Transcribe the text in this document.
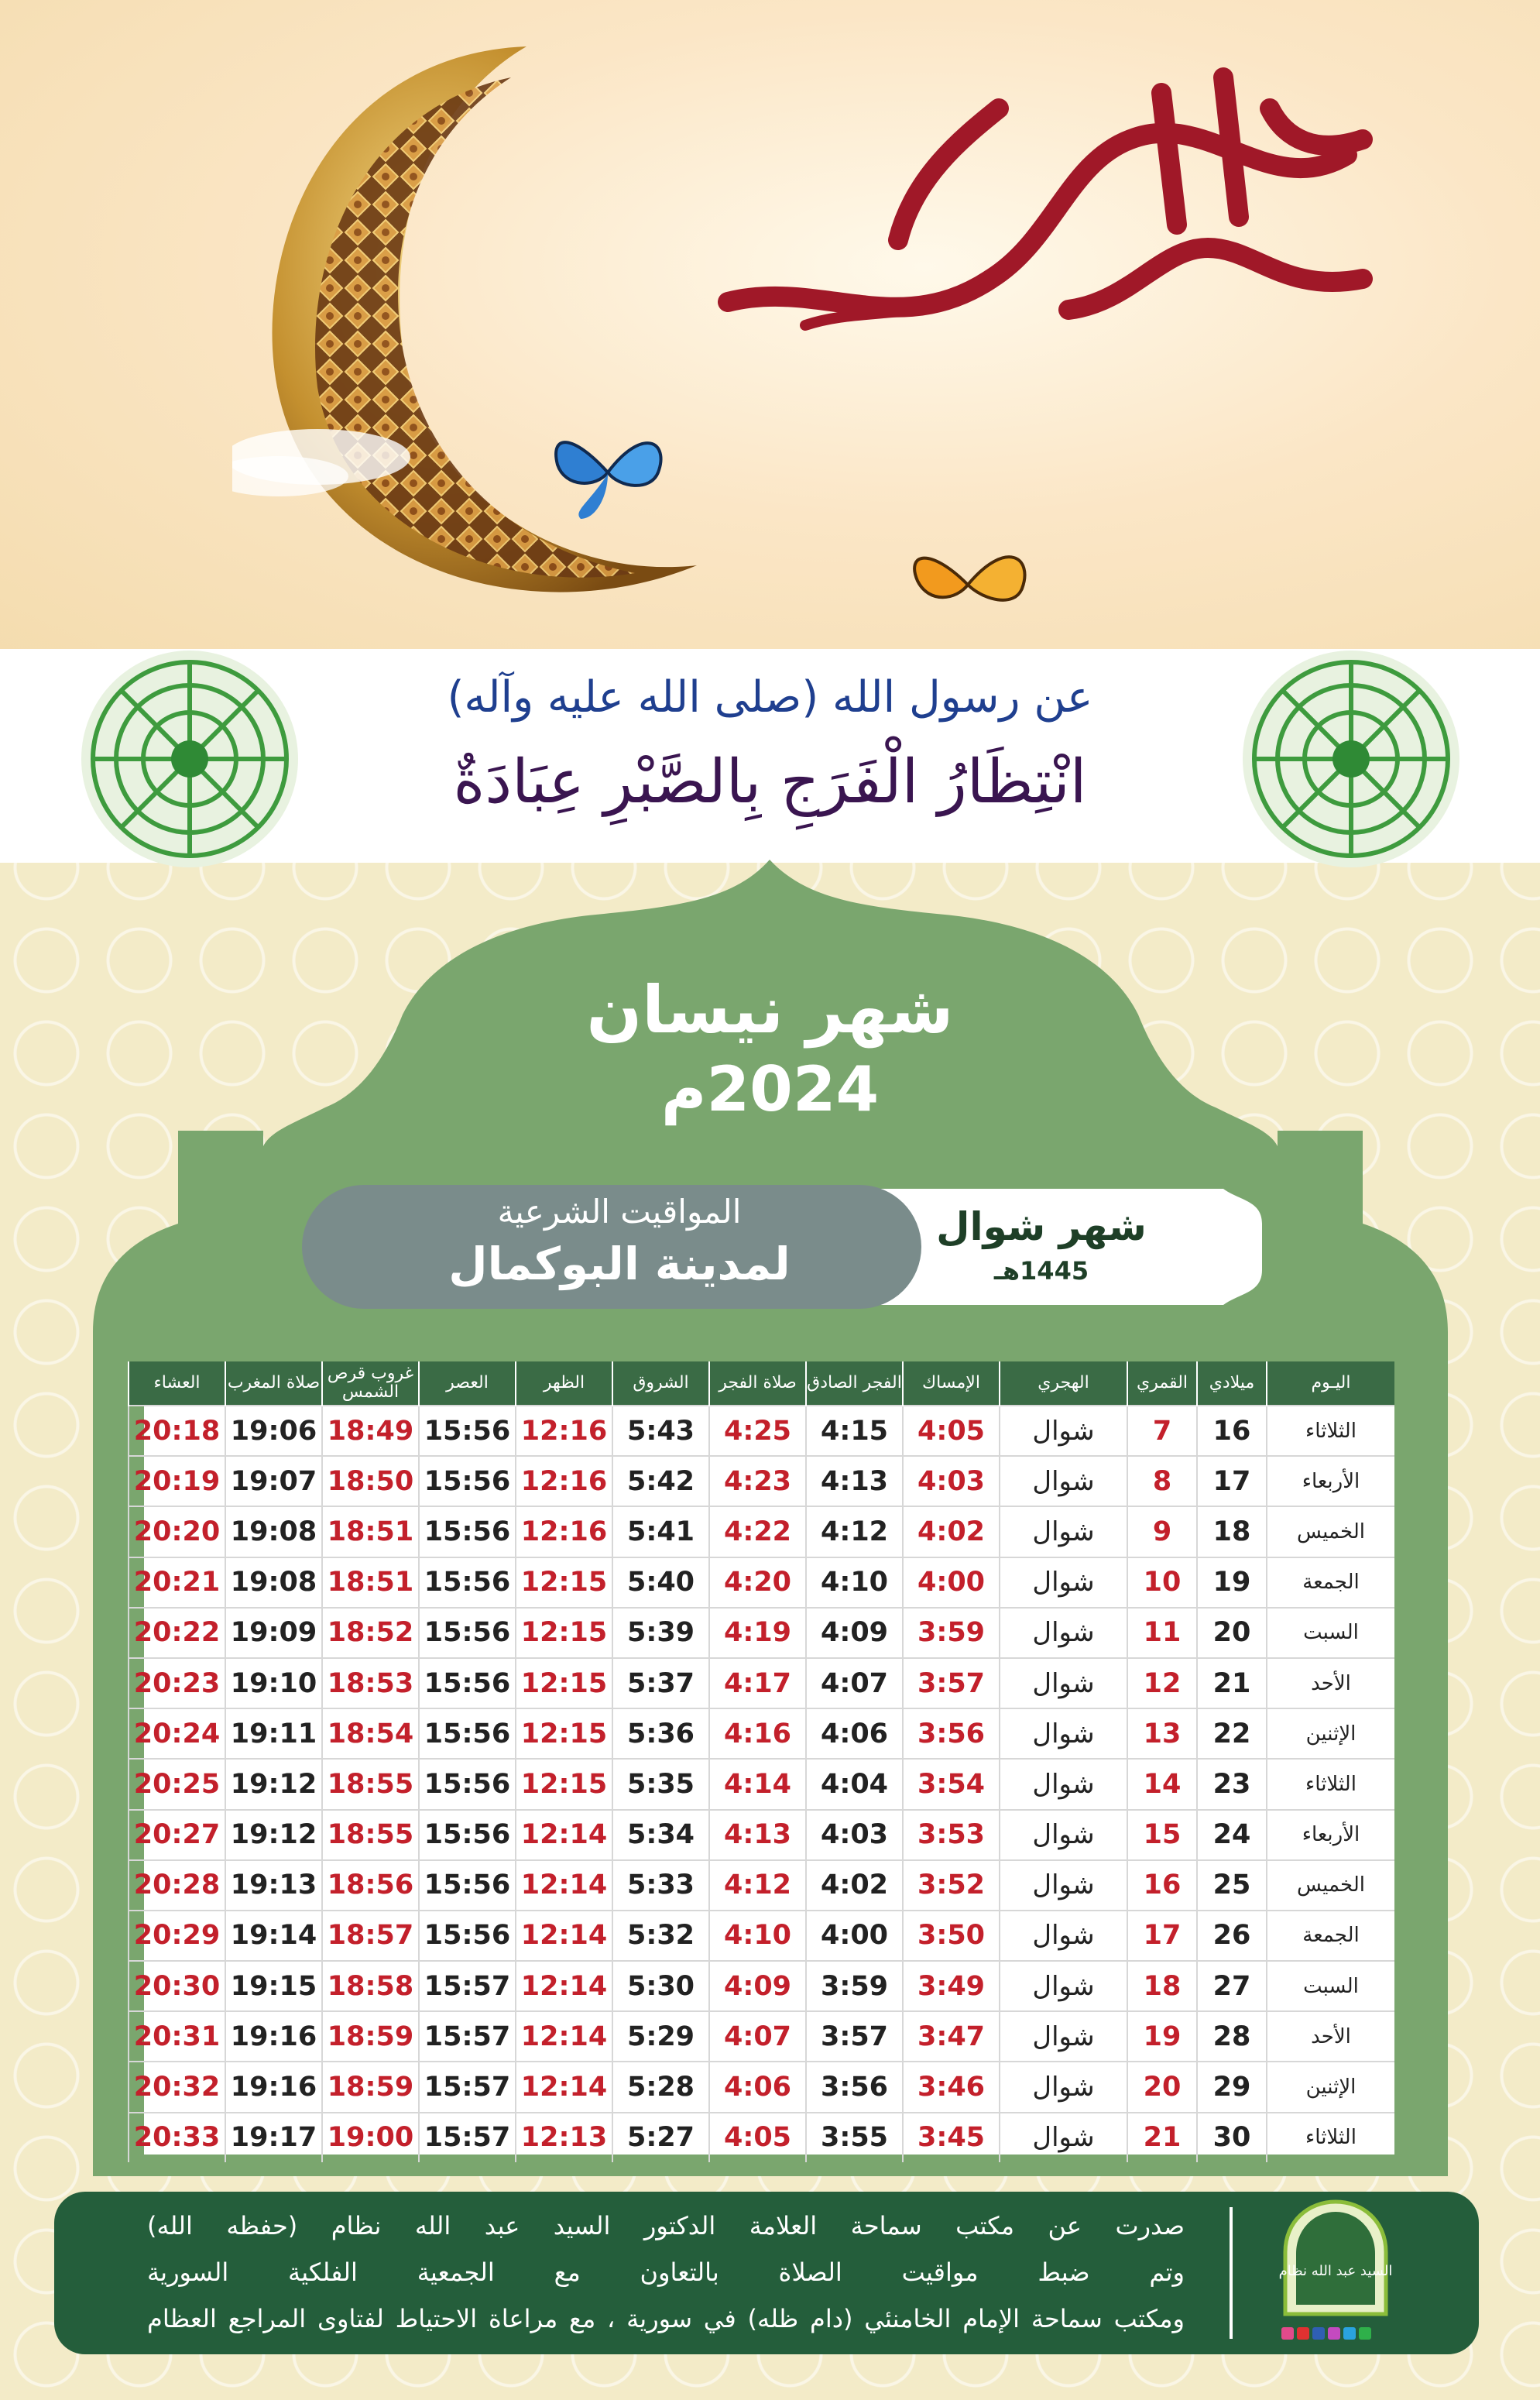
عن رسول الله (صلى الله عليه وآله)
انْتِظَارُ الْفَرَجِ بِالصَّبْرِ عِبَادَةٌ
شهر نيسان
2024م
المواقيت الشرعية
لمدينة البوكمال
شهر شوال
1445هـ
اليـوم	ميلادي	القمري	الهجري	الإمساك	الفجر الصادق	صلاة الفجر	الشروق	الظهر	العصر	غروب قرص الشمس	صلاة المغرب	العشاء
الثلاثاء	16	7	شوال	4:05	4:15	4:25	5:43	12:16	15:56	18:49	19:06	20:18
الأربعاء	17	8	شوال	4:03	4:13	4:23	5:42	12:16	15:56	18:50	19:07	20:19
الخميس	18	9	شوال	4:02	4:12	4:22	5:41	12:16	15:56	18:51	19:08	20:20
الجمعة	19	10	شوال	4:00	4:10	4:20	5:40	12:15	15:56	18:51	19:08	20:21
السبت	20	11	شوال	3:59	4:09	4:19	5:39	12:15	15:56	18:52	19:09	20:22
الأحد	21	12	شوال	3:57	4:07	4:17	5:37	12:15	15:56	18:53	19:10	20:23
الإثنين	22	13	شوال	3:56	4:06	4:16	5:36	12:15	15:56	18:54	19:11	20:24
الثلاثاء	23	14	شوال	3:54	4:04	4:14	5:35	12:15	15:56	18:55	19:12	20:25
الأربعاء	24	15	شوال	3:53	4:03	4:13	5:34	12:14	15:56	18:55	19:12	20:27
الخميس	25	16	شوال	3:52	4:02	4:12	5:33	12:14	15:56	18:56	19:13	20:28
الجمعة	26	17	شوال	3:50	4:00	4:10	5:32	12:14	15:56	18:57	19:14	20:29
السبت	27	18	شوال	3:49	3:59	4:09	5:30	12:14	15:57	18:58	19:15	20:30
الأحد	28	19	شوال	3:47	3:57	4:07	5:29	12:14	15:57	18:59	19:16	20:31
الإثنين	29	20	شوال	3:46	3:56	4:06	5:28	12:14	15:57	18:59	19:16	20:32
الثلاثاء	30	21	شوال	3:45	3:55	4:05	5:27	12:13	15:57	19:00	19:17	20:33
صدرت عن مكتب سماحة العلامة الدكتور السيد عبد الله نظام (حفظه الله)
وتم ضبط مواقيت الصلاة بالتعاون مع الجمعية الفلكية السورية
ومكتب سماحة الإمام الخامنئي (دام ظله) في سورية ، مع مراعاة الاحتياط لفتاوى المراجع العظام
السيد عبد الله نظام
